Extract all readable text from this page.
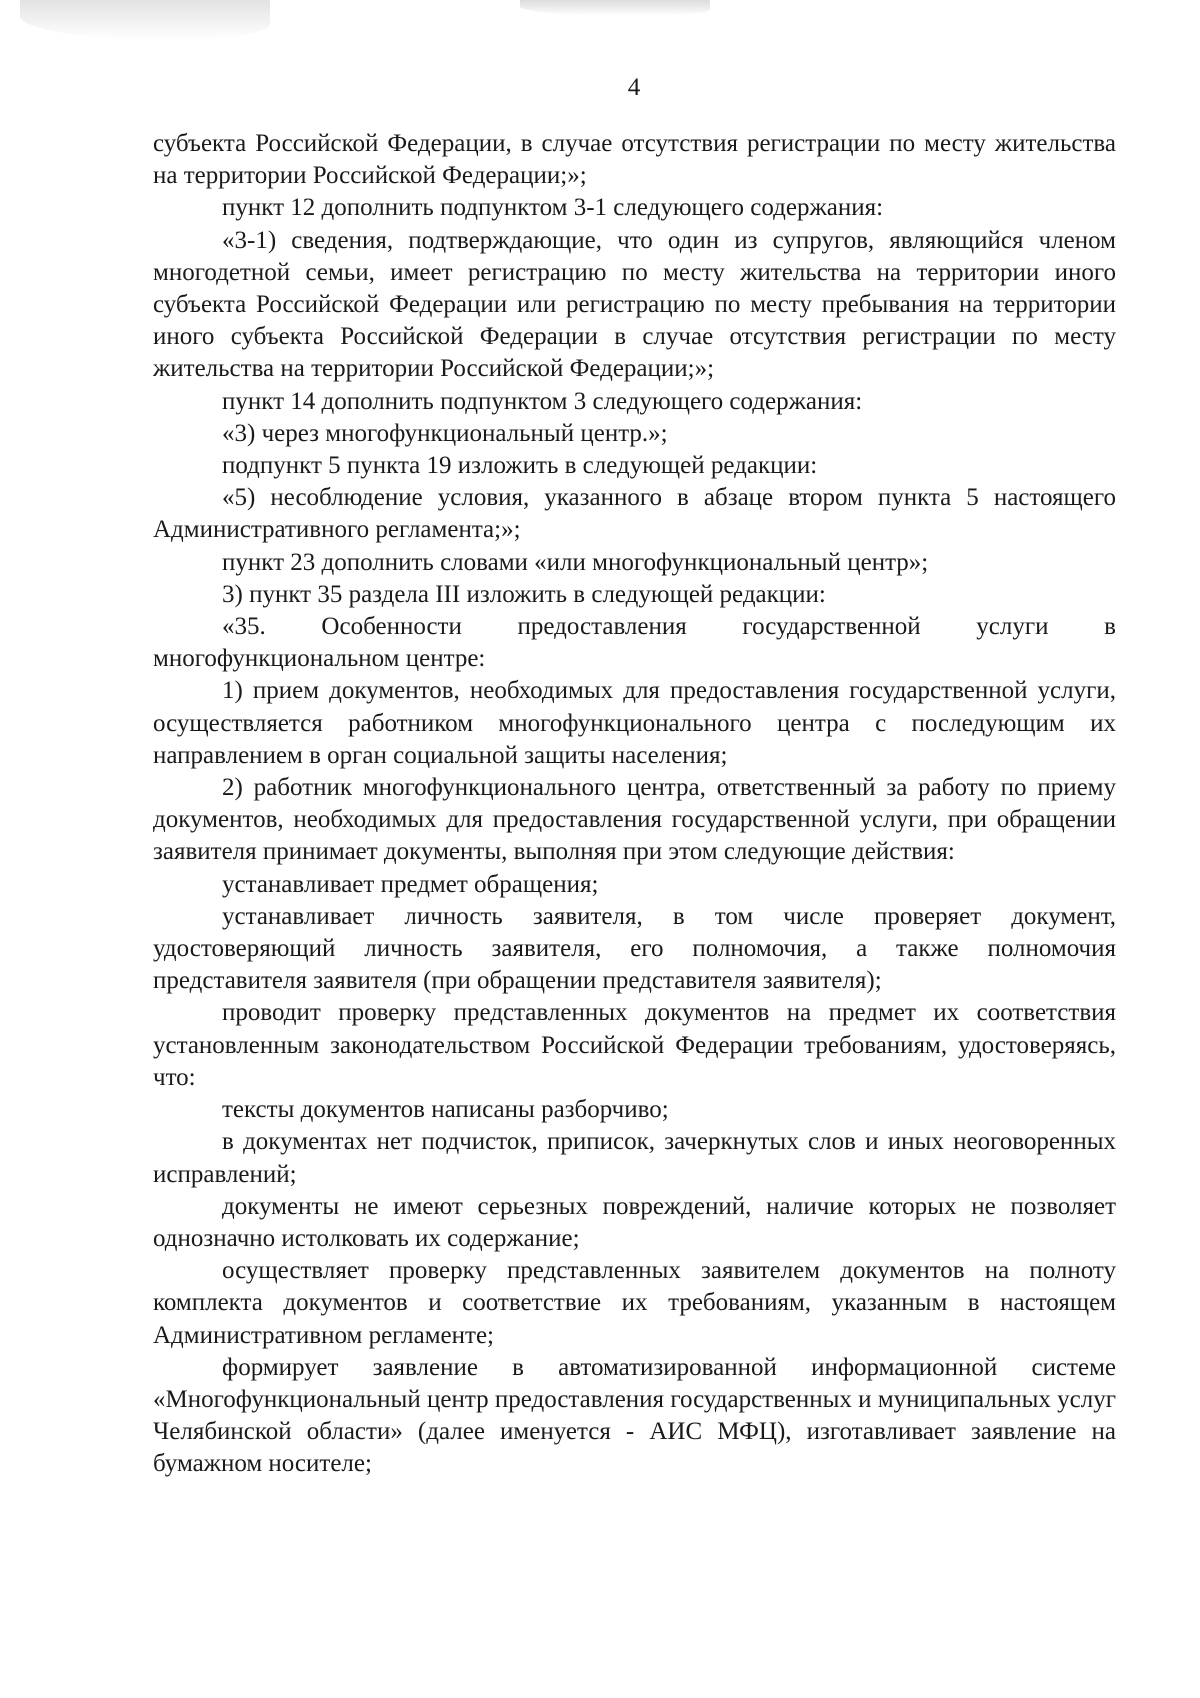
4

субъекта Российской Федерации, в случае отсутствия регистрации по месту жительства на территории Российской Федерации;»;

пункт 12 дополнить подпунктом 3-1 следующего содержания:

«3-1) сведения, подтверждающие, что один из супругов, являющийся членом многодетной семьи, имеет регистрацию по месту жительства на территории иного субъекта Российской Федерации или регистрацию по месту пребывания на территории иного субъекта Российской Федерации в случае отсутствия регистрации по месту жительства на территории Российской Федерации;»;

пункт 14 дополнить подпунктом 3 следующего содержания:

«3) через многофункциональный центр.»;

подпункт 5 пункта 19 изложить в следующей редакции:

«5) несоблюдение условия, указанного в абзаце втором пункта 5 настоящего Административного регламента;»;

пункт 23 дополнить словами «или многофункциональный центр»;

3) пункт 35 раздела III изложить в следующей редакции:

«35. Особенности предоставления государственной услуги в многофункциональном центре:

1) прием документов, необходимых для предоставления государственной услуги, осуществляется работником многофункционального центра с последующим их направлением в орган социальной защиты населения;

2) работник многофункционального центра, ответственный за работу по приему документов, необходимых для предоставления государственной услуги, при обращении заявителя принимает документы, выполняя при этом следующие действия:

устанавливает предмет обращения;

устанавливает личность заявителя, в том числе проверяет документ, удостоверяющий личность заявителя, его полномочия, а также полномочия представителя заявителя (при обращении представителя заявителя);

проводит проверку представленных документов на предмет их соответствия установленным законодательством Российской Федерации требованиям, удостоверяясь, что:

тексты документов написаны разборчиво;

в документах нет подчисток, приписок, зачеркнутых слов и иных неоговоренных исправлений;

документы не имеют серьезных повреждений, наличие которых не позволяет однозначно истолковать их содержание;

осуществляет проверку представленных заявителем документов на полноту комплекта документов и соответствие их требованиям, указанным в настоящем Административном регламенте;

формирует заявление в автоматизированной информационной системе «Многофункциональный центр предоставления государственных и муниципальных услуг Челябинской области» (далее именуется - АИС МФЦ), изготавливает заявление на бумажном носителе;
